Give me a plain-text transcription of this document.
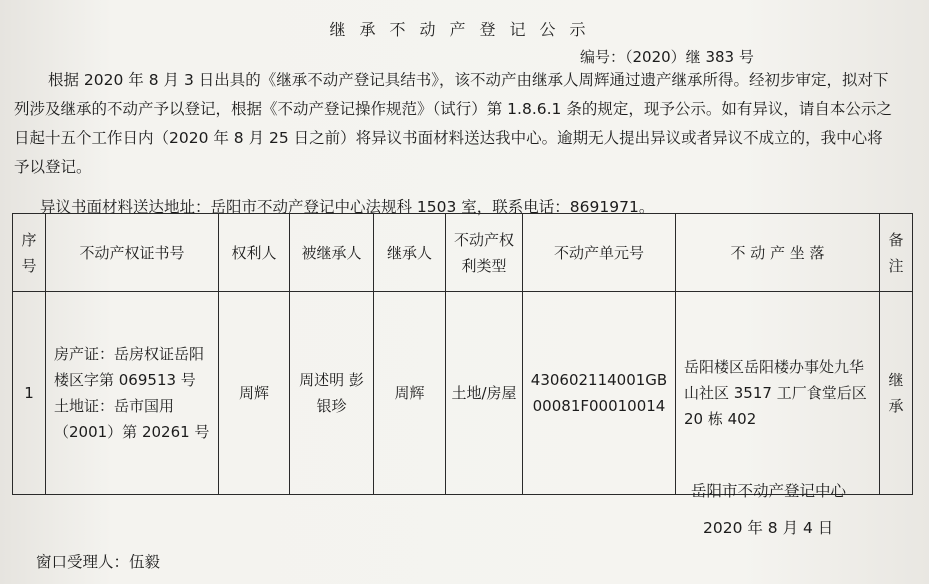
继承不动产登记公示
编号：（2020）继 383 号
根据 2020 年 8 月 3 日出具的《继承不动产登记具结书》，该不动产由继承人周辉通过遗产继承所得。经初步审定，拟对下列涉及继承的不动产予以登记，根据《不动产登记操作规范》（试行）第 1.8.6.1 条的规定，现予公示。如有异议，请自本公示之日起十五个工作日内（2020 年 8 月 25 日之前）将异议书面材料送达我中心。逾期无人提出异议或者异议不成立的，我中心将予以登记。
异议书面材料送达地址：岳阳市不动产登记中心法规科 1503 室，联系电话：8691971。
序号	不动产权证书号	权利人	被继承人	继承人	不动产权利类型	不动产单元号	不 动 产 坐 落	备注
1	房产证：岳房权证岳阳楼区字第 069513 号土地证：岳市国用（2001）第 20261 号	周辉	周述明 彭银珍	周辉	土地/房屋	430602114001GB00081F00010014	岳阳楼区岳阳楼办事处九华山社区 3517 工厂食堂后区 20 栋 402	继承
岳阳市不动产登记中心
2020 年 8 月 4 日
窗口受理人：伍毅
